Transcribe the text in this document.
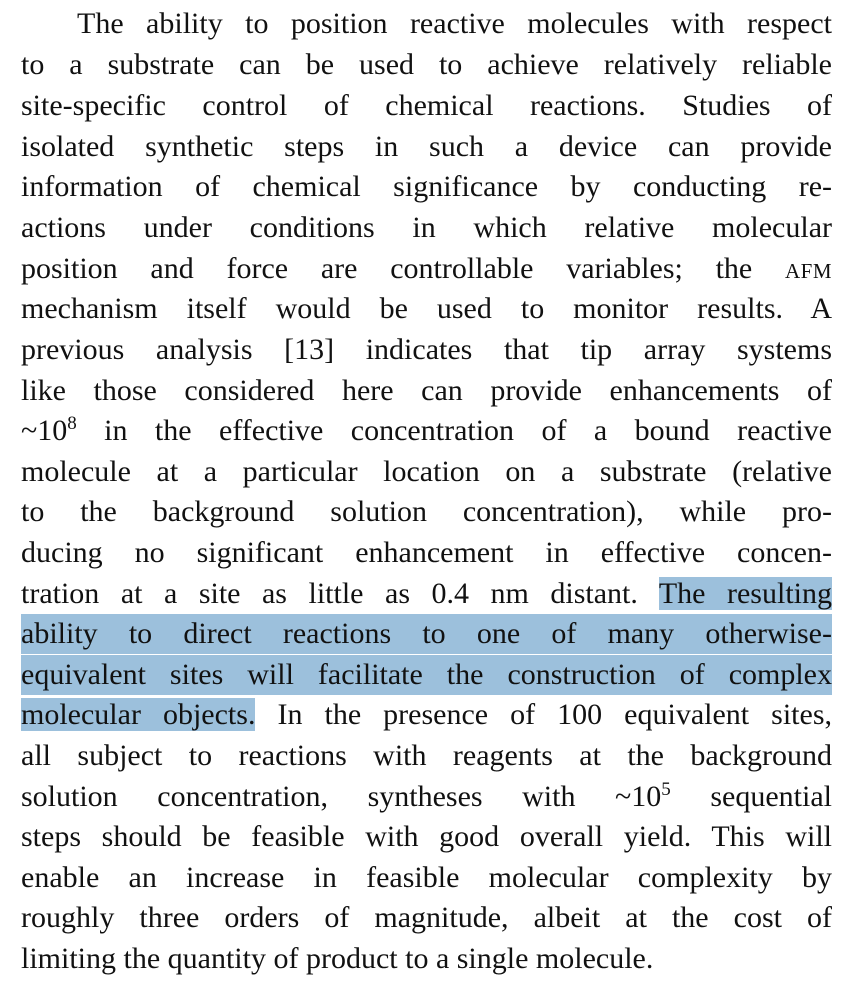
The ability to position reactive molecules with respect
to a substrate can be used to achieve relatively reliable
site-specific control of chemical reactions. Studies of
isolated synthetic steps in such a device can provide
information of chemical significance by conducting re-
actions under conditions in which relative molecular
position and force are controllable variables; the AFM
mechanism itself would be used to monitor results. A
previous analysis [13] indicates that tip array systems
like those considered here can provide enhancements of
$\sim 10^8$ in the effective concentration of a bound reactive
molecule at a particular location on a substrate (relative
to the background solution concentration), while pro-
ducing no significant enhancement in effective concen-
tration at a site as little as 0.4 nm distant. The resulting
ability to direct reactions to one of many otherwise-
equivalent sites will facilitate the construction of complex
molecular objects. In the presence of 100 equivalent sites,
all subject to reactions with reagents at the background
solution concentration, syntheses with $\sim 10^5$ sequential
steps should be feasible with good overall yield. This will
enable an increase in feasible molecular complexity by
roughly three orders of magnitude, albeit at the cost of
limiting the quantity of product to a single molecule.
